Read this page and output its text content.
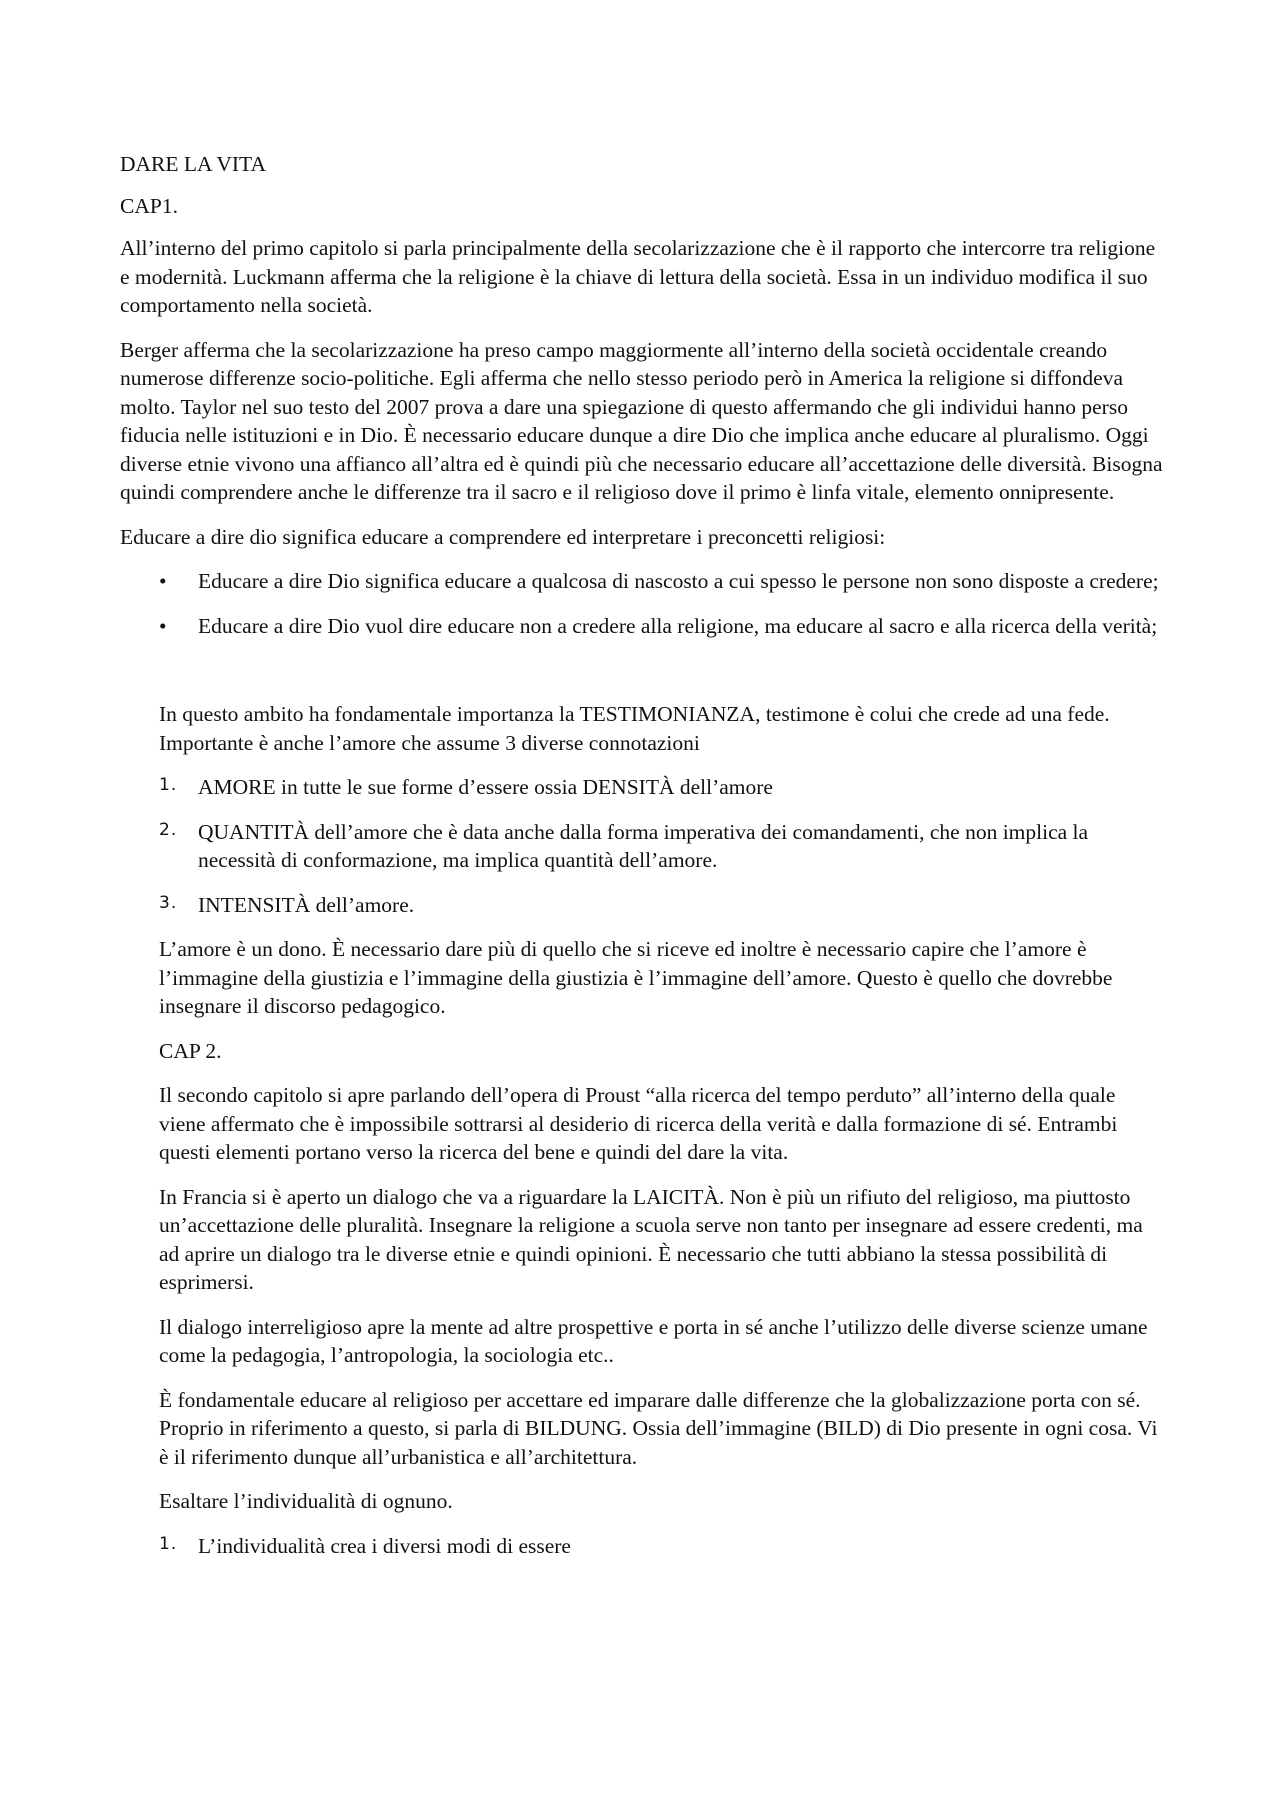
DARE LA VITA

CAP1.

All’interno del primo capitolo si parla principalmente della secolarizzazione che è il rapporto che intercorre tra religione e modernità. Luckmann afferma che la religione è la chiave di lettura della società. Essa in un individuo modifica il suo comportamento nella società.

Berger afferma che la secolarizzazione ha preso campo maggiormente all’interno della società occidentale creando numerose differenze socio-politiche. Egli afferma che nello stesso periodo però in America la religione si diffondeva molto. Taylor nel suo testo del 2007 prova a dare una spiegazione di questo affermando che gli individui hanno perso fiducia nelle istituzioni e in Dio. È necessario educare dunque a dire Dio che implica anche educare al pluralismo. Oggi diverse etnie vivono una affianco all’altra ed è quindi più che necessario educare all’accettazione delle diversità. Bisogna quindi comprendere anche le differenze tra il sacro e il religioso dove il primo è linfa vitale, elemento onnipresente.

Educare a dire dio significa educare a comprendere ed interpretare i preconcetti religiosi:

• Educare a dire Dio significa educare a qualcosa di nascosto a cui spesso le persone non sono disposte a credere;
• Educare a dire Dio vuol dire educare non a credere alla religione, ma educare al sacro e alla ricerca della verità;

In questo ambito ha fondamentale importanza la TESTIMONIANZA, testimone è colui che crede ad una fede. Importante è anche l’amore che assume 3 diverse connotazioni

1. AMORE in tutte le sue forme d’essere ossia DENSITÀ dell’amore
2. QUANTITÀ dell’amore che è data anche dalla forma imperativa dei comandamenti, che non implica la necessità di conformazione, ma implica quantità dell’amore.
3. INTENSITÀ dell’amore.

L’amore è un dono. È necessario dare più di quello che si riceve ed inoltre è necessario capire che l’amore è l’immagine della giustizia e l’immagine della giustizia è l’immagine dell’amore. Questo è quello che dovrebbe insegnare il discorso pedagogico.

CAP 2.

Il secondo capitolo si apre parlando dell’opera di Proust “alla ricerca del tempo perduto” all’interno della quale viene affermato che è impossibile sottrarsi al desiderio di ricerca della verità e dalla formazione di sé. Entrambi questi elementi portano verso la ricerca del bene e quindi del dare la vita.

In Francia si è aperto un dialogo che va a riguardare la LAICITÀ. Non è più un rifiuto del religioso, ma piuttosto un’accettazione delle pluralità. Insegnare la religione a scuola serve non tanto per insegnare ad essere credenti, ma ad aprire un dialogo tra le diverse etnie e quindi opinioni. È necessario che tutti abbiano la stessa possibilità di esprimersi.

Il dialogo interreligioso apre la mente ad altre prospettive e porta in sé anche l’utilizzo delle diverse scienze umane come la pedagogia, l’antropologia, la sociologia etc..

È fondamentale educare al religioso per accettare ed imparare dalle differenze che la globalizzazione porta con sé. Proprio in riferimento a questo, si parla di BILDUNG. Ossia dell’immagine (BILD) di Dio presente in ogni cosa. Vi è il riferimento dunque all’urbanistica e all’architettura.

Esaltare l’individualità di ognuno.

1. L’individualità crea i diversi modi di essere
